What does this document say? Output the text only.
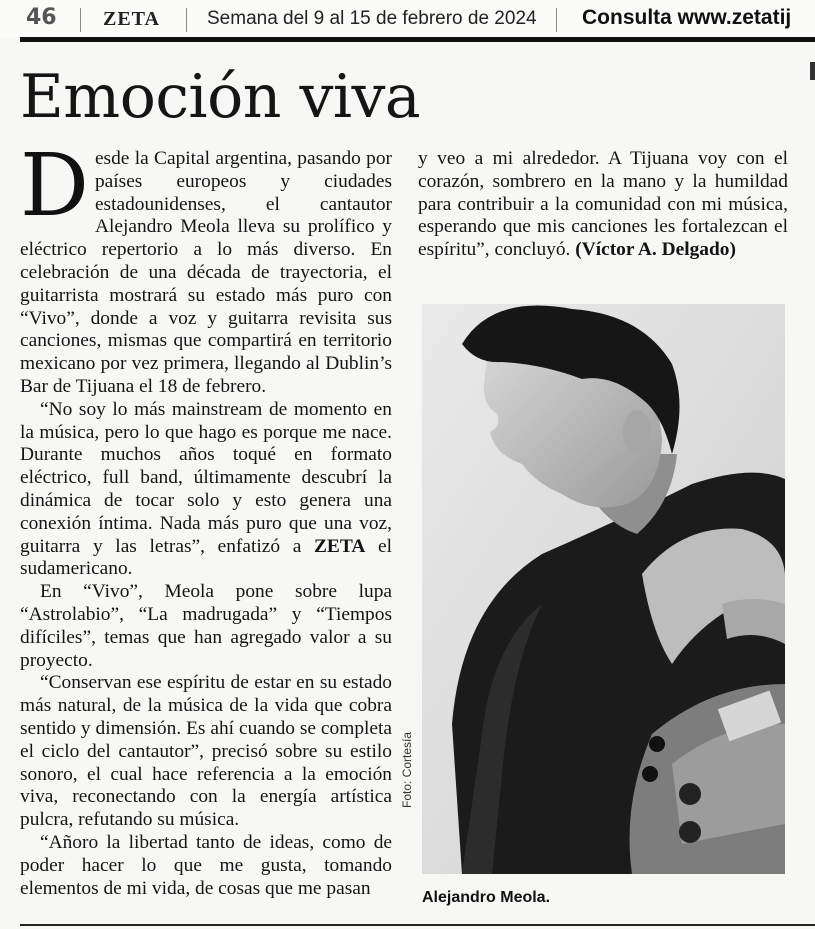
46 ZETA Semana del 9 al 15 de febrero de 2024 Consulta www.zetatij
Emoción viva

Desde la Capital argentina, pasando por países europeos y ciudades estadounidenses, el cantautor Alejandro Meola lleva su prolífico y eléctrico repertorio a lo más diverso. En celebración de una década de trayectoria, el guitarrista mostrará su estado más puro con “Vivo”, donde a voz y guitarra revisita sus canciones, mismas que compartirá en territorio mexicano por vez primera, llegando al Dublin’s Bar de Tijuana el 18 de febrero.

“No soy lo más mainstream de momento en la música, pero lo que hago es porque me nace. Durante muchos años toqué en formato eléctrico, full band, últimamente descubrí la dinámica de tocar solo y esto genera una conexión íntima. Nada más puro que una voz, guitarra y las letras”, enfatizó a ZETA el sudamericano.

En “Vivo”, Meola pone sobre lupa “Astrolabio”, “La madrugada” y “Tiempos difíciles”, temas que han agregado valor a su proyecto.

“Conservan ese espíritu de estar en su estado más natural, de la música de la vida que cobra sentido y dimensión. Es ahí cuando se completa el ciclo del cantautor”, precisó sobre su estilo sonoro, el cual hace referencia a la emoción viva, reconectando con la energía artística pulcra, refutando su música.

“Añoro la libertad tanto de ideas, como de poder hacer lo que me gusta, tomando elementos de mi vida, de cosas que me pasan

y veo a mi alrededor. A Tijuana voy con el corazón, sombrero en la mano y la humildad para contribuir a la comunidad con mi música, esperando que mis canciones les fortalezcan el espíritu”, concluyó. (Víctor A. Delgado)

Foto: Cortesía
Alejandro Meola.
